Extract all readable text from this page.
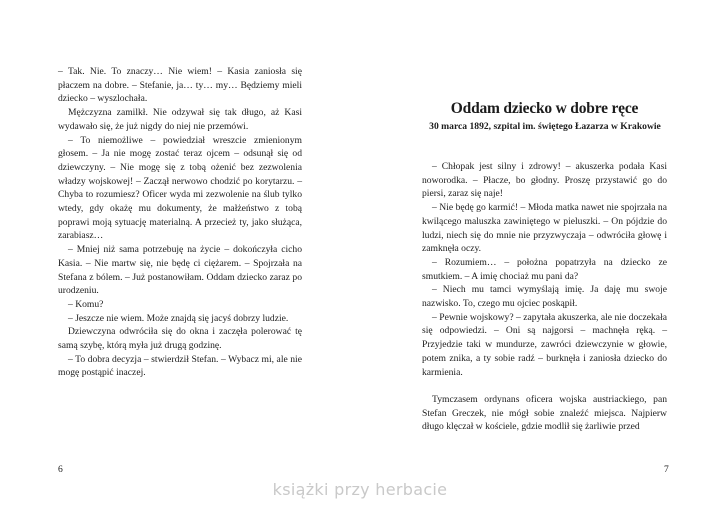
– Tak. Nie. To znaczy… Nie wiem! – Kasia zaniosła się płaczem na dobre. – Stefanie, ja… ty… my… Będziemy mieli dziecko – wyszlochała.

Mężczyzna zamilkł. Nie odzywał się tak długo, aż Kasi wydawało się, że już nigdy do niej nie przemówi.

– To niemożliwe – powiedział wreszcie zmienionym głosem. – Ja nie mogę zostać teraz ojcem – odsunął się od dziewczyny. – Nie mogę się z tobą ożenić bez zezwolenia władzy wojskowej! – Zaczął nerwowo chodzić po korytarzu. – Chyba to rozumiesz? Oficer wyda mi zezwolenie na ślub tylko wtedy, gdy okażę mu dokumenty, że małżeństwo z tobą poprawi moją sytuację materialną. A przecież ty, jako służąca, zarabiasz…

– Mniej niż sama potrzebuję na życie – dokończyła cicho Kasia. – Nie martw się, nie będę ci ciężarem. – Spojrzała na Stefana z bólem. – Już postanowiłam. Oddam dziecko zaraz po urodzeniu.

– Komu?

– Jeszcze nie wiem. Może znajdą się jacyś dobrzy ludzie.

Dziewczyna odwróciła się do okna i zaczęła polerować tę samą szybę, którą myła już drugą godzinę.

– To dobra decyzja – stwierdził Stefan. – Wybacz mi, ale nie mogę postąpić inaczej.

6
Oddam dziecko w dobre ręce
30 marca 1892, szpital im. świętego Łazarza w Krakowie

– Chłopak jest silny i zdrowy! – akuszerka podała Kasi noworodka. – Płacze, bo głodny. Proszę przystawić go do piersi, zaraz się naje!

– Nie będę go karmić! – Młoda matka nawet nie spojrzała na kwilącego maluszka zawiniętego w pieluszki. – On pójdzie do ludzi, niech się do mnie nie przyzwyczaja – odwróciła głowę i zamknęła oczy.

– Rozumiem… – położna popatrzyła na dziecko ze smutkiem. – A imię chociaż mu pani da?

– Niech mu tamci wymyślają imię. Ja daję mu swoje nazwisko. To, czego mu ojciec poskąpił.

– Pewnie wojskowy? – zapytała akuszerka, ale nie doczekała się odpowiedzi. – Oni są najgorsi – machnęła ręką. – Przyjedzie taki w mundurze, zawróci dziewczynie w głowie, potem znika, a ty sobie radź – burknęła i zaniosła dziecko do karmienia.

Tymczasem ordynans oficera wojska austriackiego, pan Stefan Greczek, nie mógł sobie znaleźć miejsca. Najpierw długo klęczał w kościele, gdzie modlił się żarliwie przed

7
książki przy herbacie
